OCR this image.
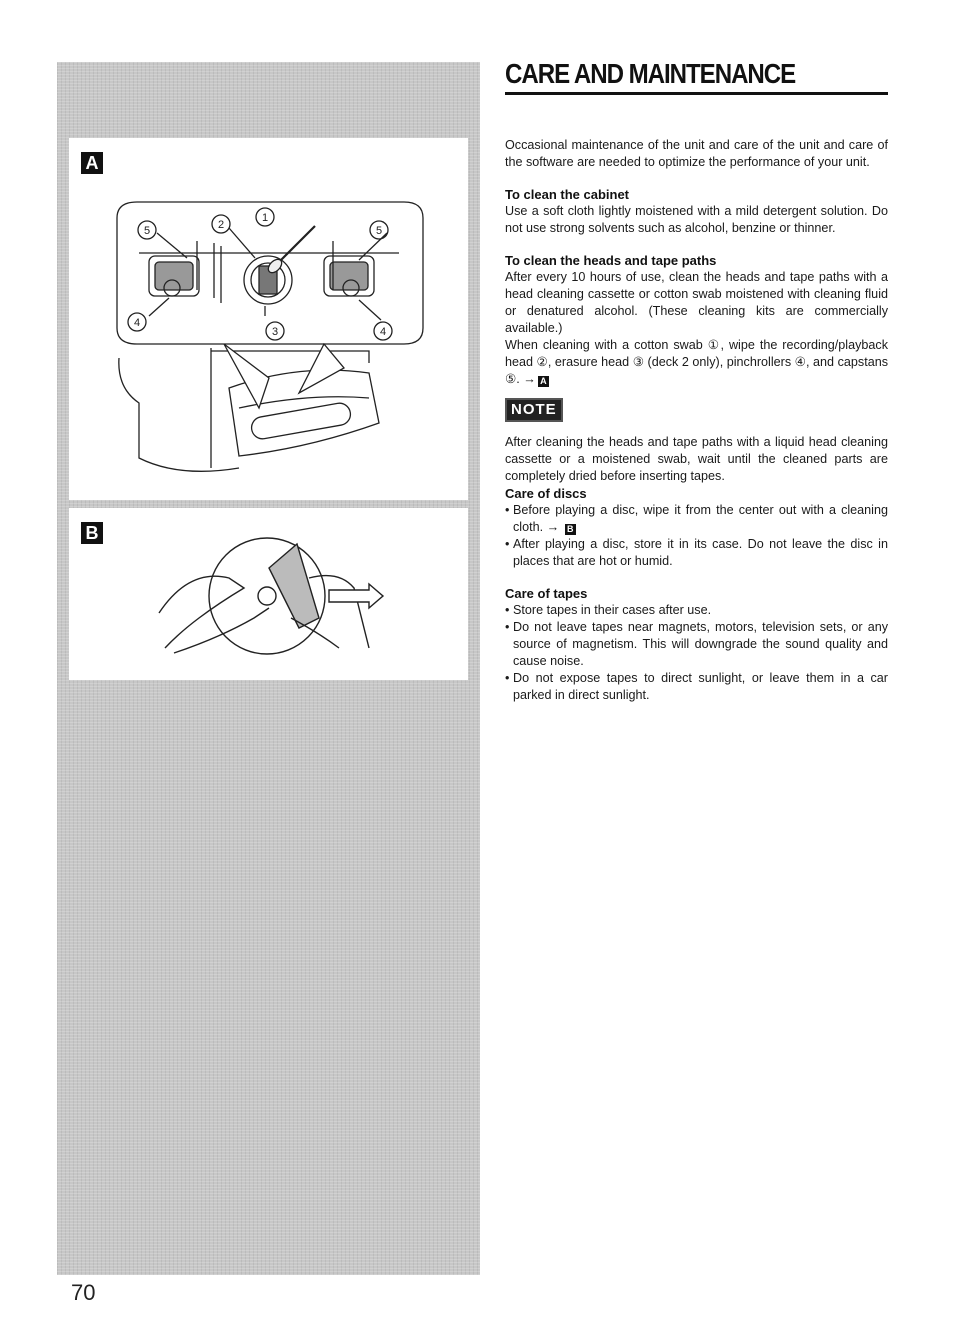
A
5	2
1
5
4
3	4
B
CARE AND MAINTENANCE

Occasional maintenance of the unit and care of the unit and care of the software are needed to optimize the performance of your unit.

To clean the cabinet

Use a soft cloth lightly moistened with a mild detergent solution. Do not use strong solvents such as alcohol, benzine or thinner.

To clean the heads and tape paths

After every 10 hours of use, clean the heads and tape paths with a head cleaning cassette or cotton swab moistened with cleaning fluid or denatured alcohol. (These cleaning kits are commercially available.)

When cleaning with a cotton swab ①, wipe the recording/playback head ②, erasure head ③ (deck 2 only), pinchrollers ④, and capstans ⑤. → A

NOTE

After cleaning the heads and tape paths with a liquid head cleaning cassette or a moistened swab, wait until the cleaned parts are completely dried before inserting tapes.

Care of discs
• Before playing a disc, wipe it from the center out with a cleaning cloth. → B
• After playing a disc, store it in its case. Do not leave the disc in places that are hot or humid.
Care of tapes
• Store tapes in their cases after use.
• Do not leave tapes near magnets, motors, television sets, or any source of magnetism. This will downgrade the sound quality and cause noise.
• Do not expose tapes to direct sunlight, or leave them in a car parked in direct sunlight.
70
